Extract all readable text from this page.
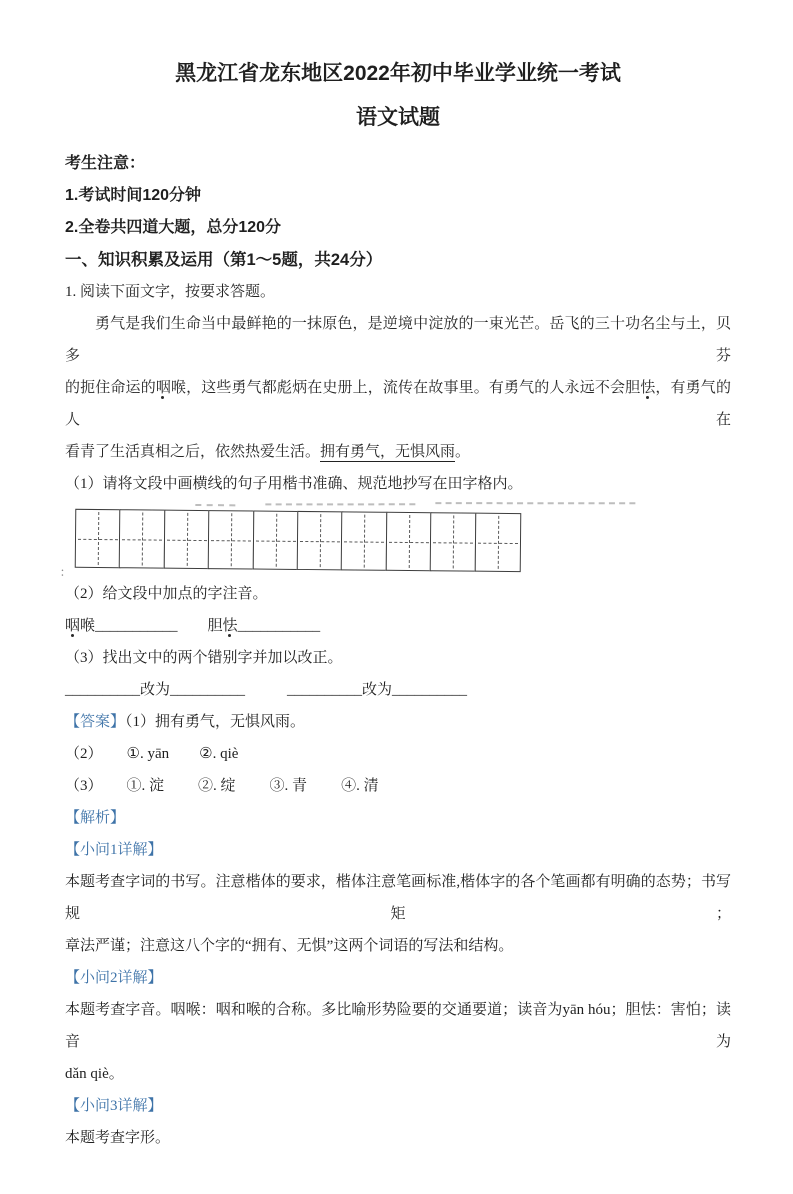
黑龙江省龙东地区2022年初中毕业学业统一考试
语文试题
考生注意：
1.考试时间120分钟
2.全卷共四道大题，总分120分
一、知识积累及运用（第1～5题，共24分）
1. 阅读下面文字，按要求答题。
勇气是我们生命当中最鲜艳的一抹原色，是逆境中淀放的一束光芒。岳飞的三十功名尘与土，贝多芬
的扼住命运的咽喉，这些勇气都彪炳在史册上，流传在故事里。有勇气的人永远不会胆怯，有勇气的人在
看青了生活真相之后，依然热爱生活。拥有勇气，无惧风雨。
（1）请将文段中画横线的句子用楷书准确、规范地抄写在田字格内。
:
（2）给文段中加点的字注音。
咽喉___________ 胆怯___________
（3）找出文中的两个错别字并加以改正。
__________改为__________	__________改为__________
【答案】（1）拥有勇气，无惧风雨。
（2） ①. yān ②. qiè
（3） ①. 淀 ②. 绽 ③. 青 ④. 清
【解析】
【小问1详解】
本题考查字词的书写。注意楷体的要求，楷体注意笔画标准,楷体字的各个笔画都有明确的态势；书写规矩；
章法严谨；注意这八个字的“拥有、无惧”这两个词语的写法和结构。
【小问2详解】
本题考查字音。咽喉：咽和喉的合称。多比喻形势险要的交通要道；读音为yān hóu；胆怯：害怕；读音为
dǎn qiè。
【小问3详解】
本题考查字形。
